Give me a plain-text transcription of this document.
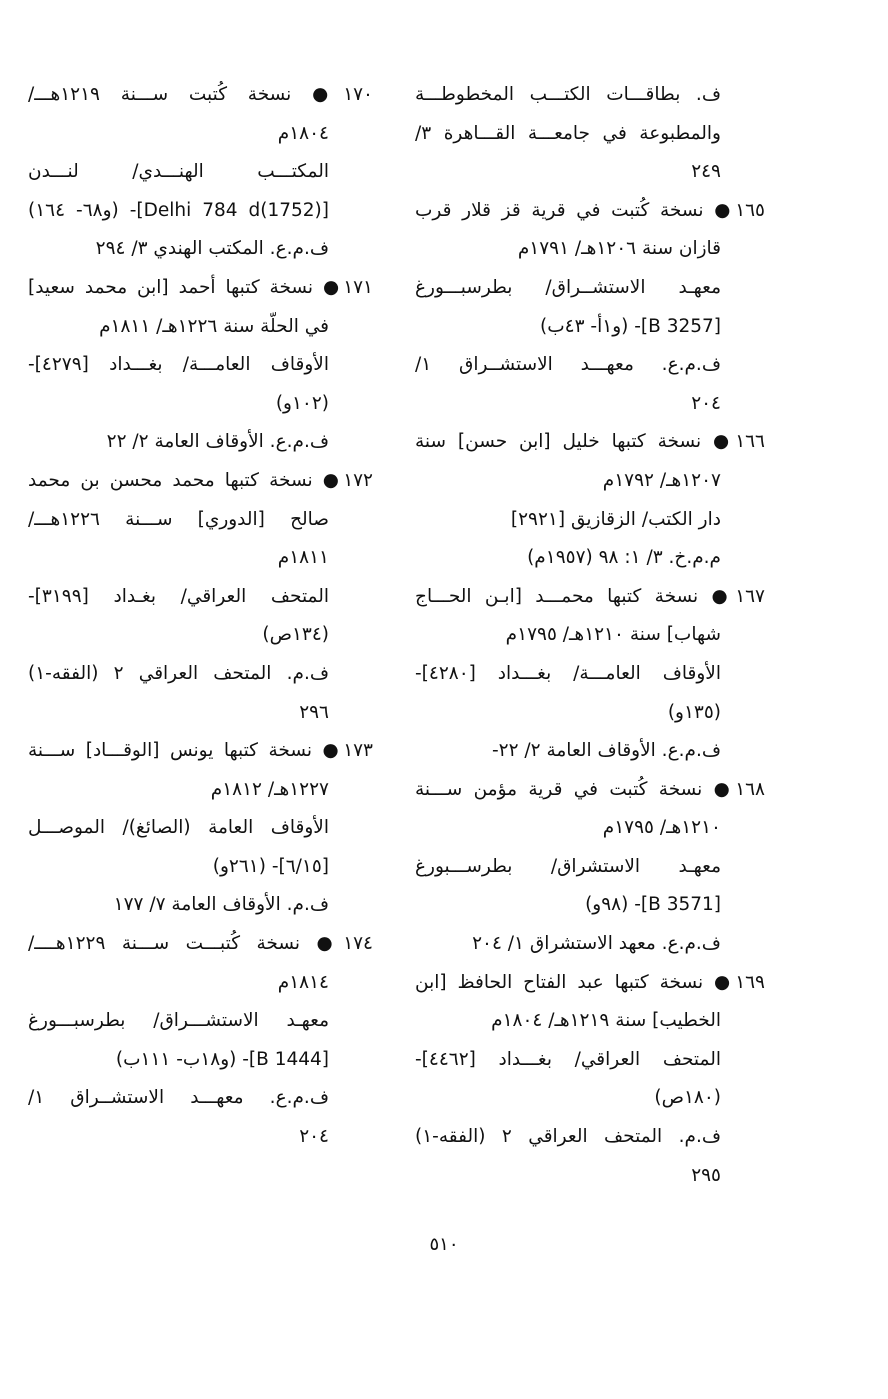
ف. بطاقـــات الكتـــب المخطوطـــة
والمطبوعة في جامعـــة القـــاهرة ٣/
٢٤٩
١٦٥● نسخة كُتبت في قرية قز قلار قرب
قازان سنة ١٢٠٦هـ/ ١٧٩١م
معهـد الاستشــراق/ بطرسبـــورغ
[B 3257]- (و١أ- ٤٣ب)
ف.م.ع. معهـــد الاستشــراق ١/
٢٠٤
١٦٦● نسخة كتبها خليل [ابن حسن] سنة
١٢٠٧هـ/ ١٧٩٢م
دار الكتب/ الزقازيق [٢٩٢١]
م.م.خ. ٣/ ١: ٩٨ (١٩٥٧م)
١٦٧● نسخة كتبها محمـــد [ابـن الحـــاج
شهاب] سنة ١٢١٠هـ/ ١٧٩٥م
الأوقاف العامـــة/ بغـــداد [٤٢٨٠]-
(١٣٥و)
ف.م.ع. الأوقاف العامة ٢/ ٢٢-
١٦٨● نسخة كُتبت في قرية مؤمن ســـنة
١٢١٠هـ/ ١٧٩٥م
معهـد الاستشراق/ بطرســـبورغ
[B 3571]- (٩٨و)
ف.م.ع. معهد الاستشراق ١/ ٢٠٤
١٦٩● نسخة كتبها عبد الفتاح الحافظ [ابن
الخطيب] سنة ١٢١٩هـ/ ١٨٠٤م
المتحف العراقي/ بغـــداد [٤٤٦٢]-
(١٨٠ص)
ف.م. المتحف العراقي ٢ (الفقه-١)
٢٩٥
١٧٠● نسخة كُتبت ســـنة ١٢١٩هـــ/
١٨٠٤م
المكتـــب الهنـــدي/ لنـــدن
[Delhi 784 d(1752)]- (و٦٨- ١٦٤)
ف.م.ع. المكتب الهندي ٣/ ٢٩٤
١٧١● نسخة كتبها أحمد [ابن محمد سعيد]
في الحلّة سنة ١٢٢٦هـ/ ١٨١١م
الأوقاف العامـــة/ بغـــداد [٤٢٧٩]-
(١٠٢و)
ف.م.ع. الأوقاف العامة ٢/ ٢٢
١٧٢● نسخة كتبها محمد محسن بن محمد
صالح [الدوري] ســـنة ١٢٢٦هـــ/
١٨١١م
المتحف العراقي/ بغـداد [٣١٩٩]-
(١٣٤ص)
ف.م. المتحف العراقي ٢ (الفقه-١)
٢٩٦
١٧٣● نسخة كتبها يونس [الوقـــاد] ســـنة
١٢٢٧هـ/ ١٨١٢م
الأوقاف العامة (الصائغ)/ الموصـــل
[٦/١٥]- (٢٦١و)
ف.م. الأوقاف العامة ٧/ ١٧٧
١٧٤● نسخة كُتبـــت ســـنة ١٢٢٩هــــ/
١٨١٤م
معهـد الاستشـــراق/ بطرسبـــورغ
[B 1444]- (و١٨ب- ١١١ب)
ف.م.ع. معهـــد الاستشــراق ١/
٢٠٤
٥١٠
